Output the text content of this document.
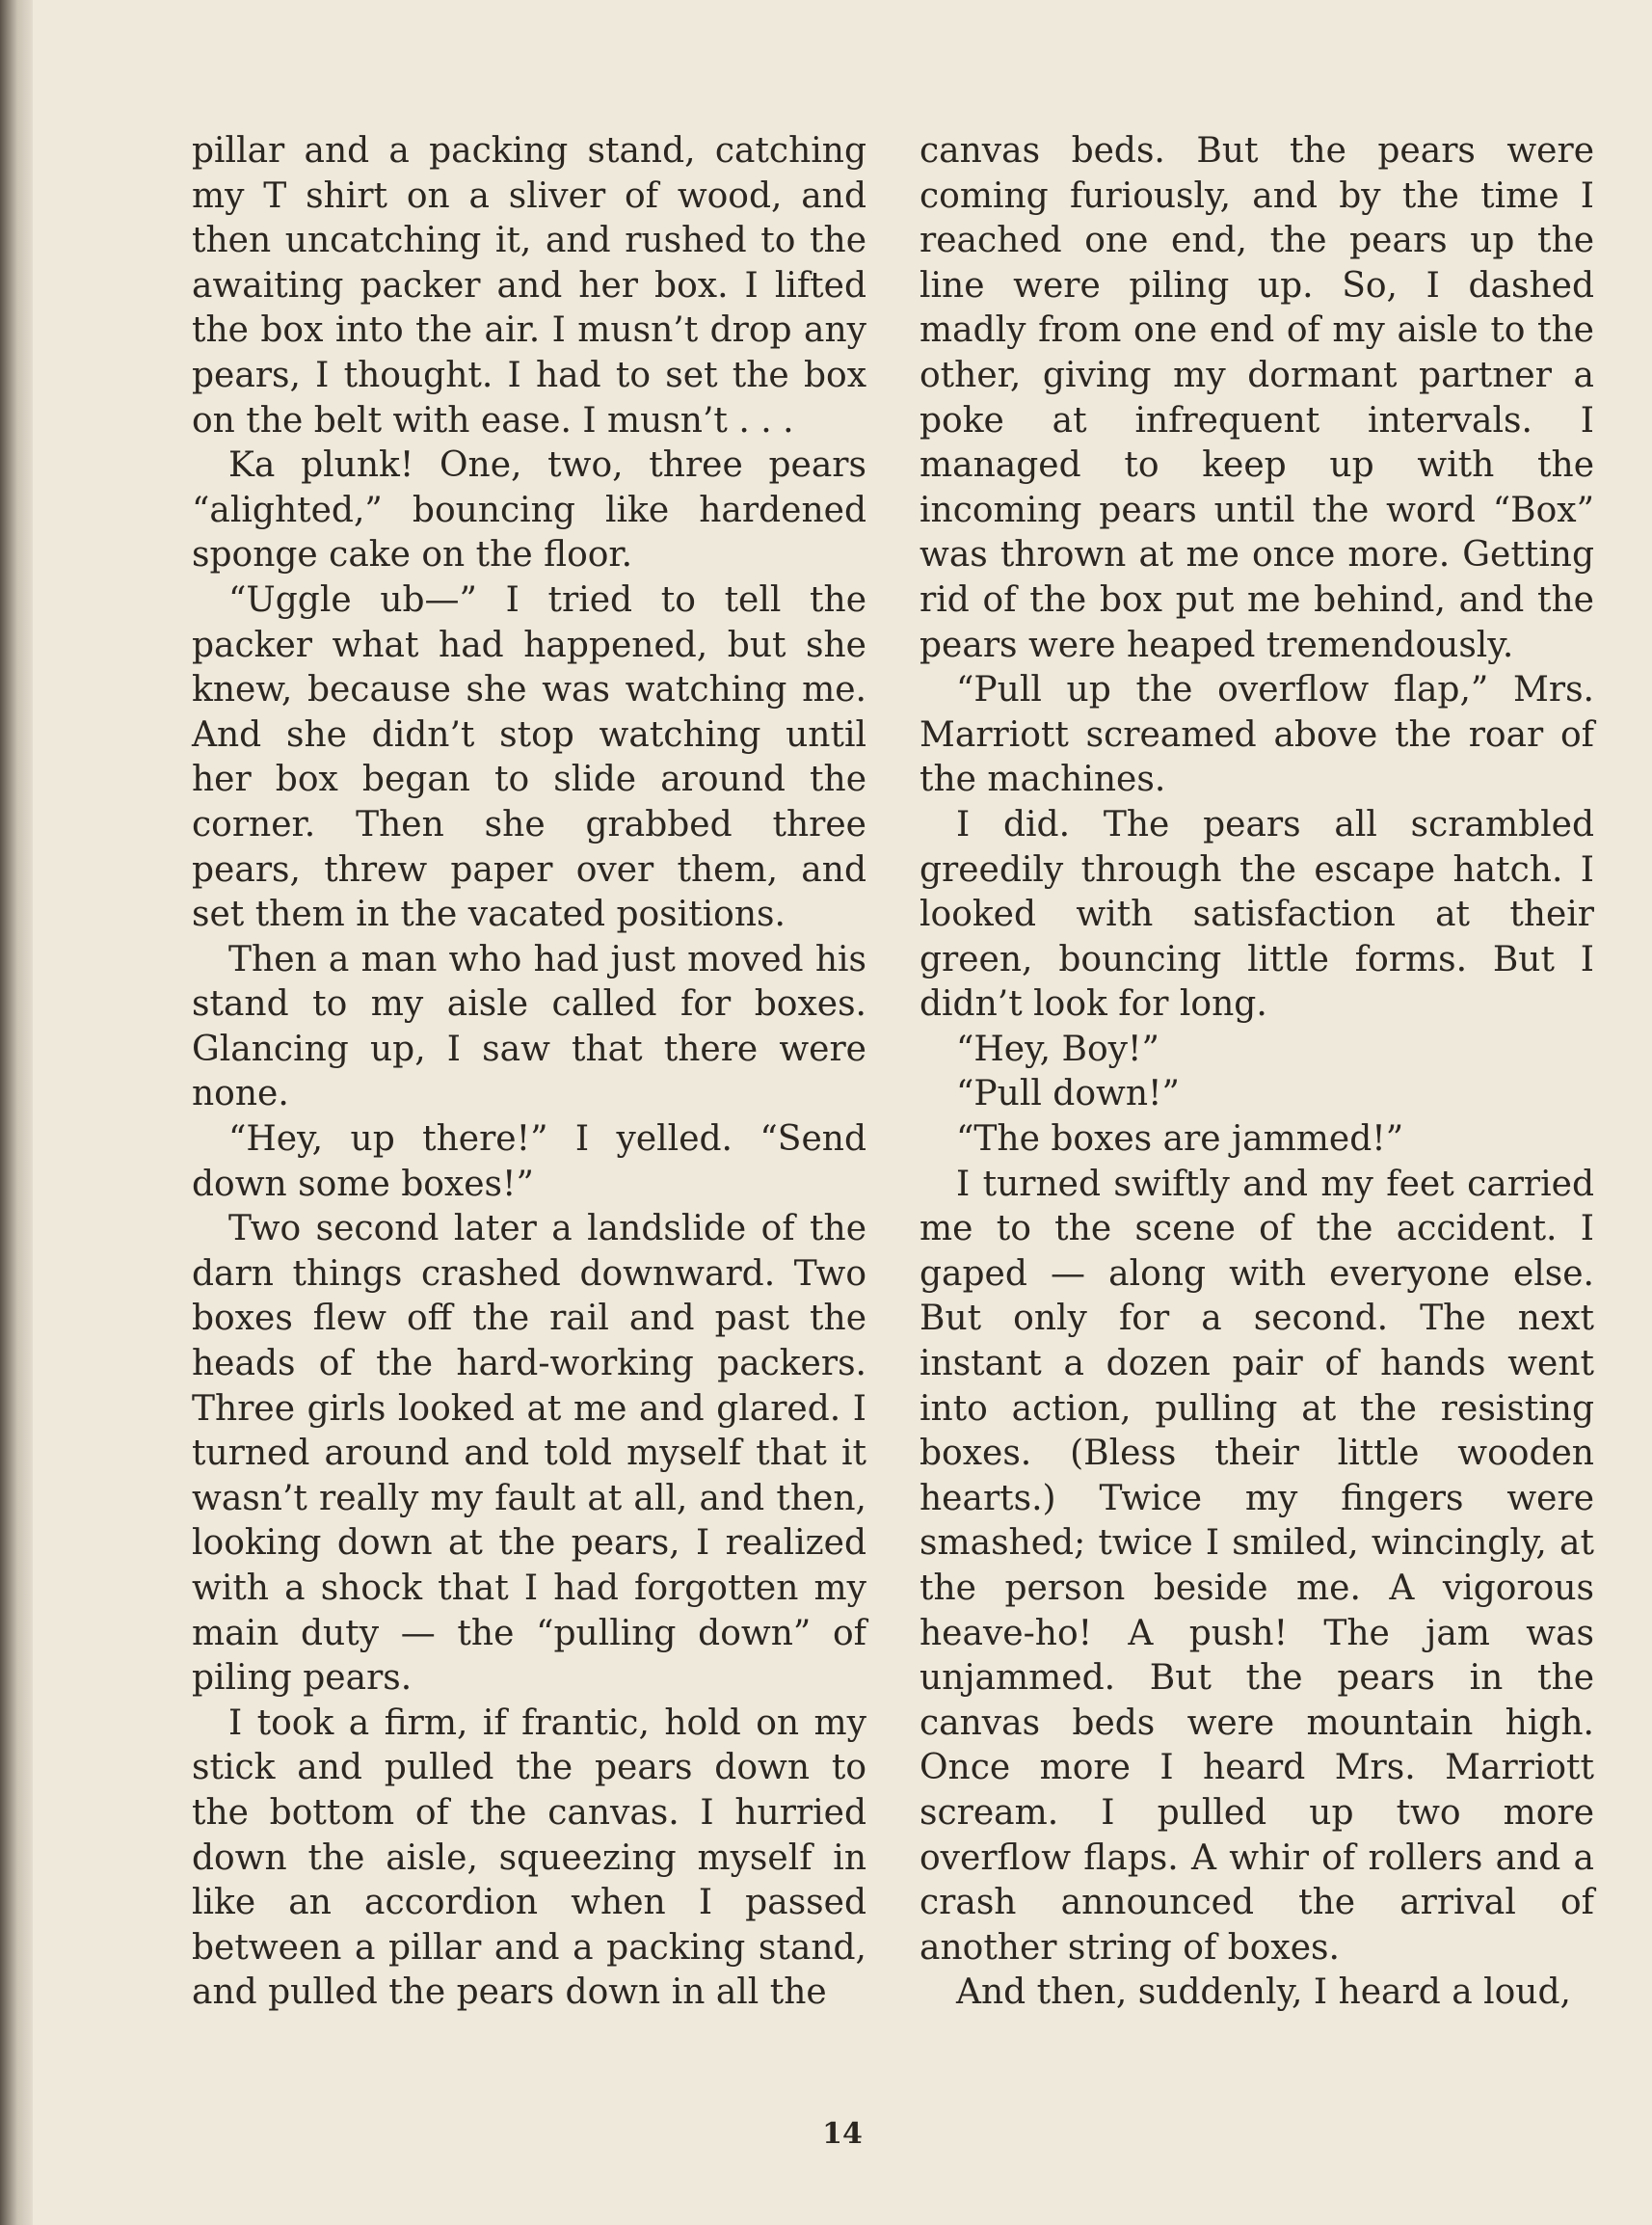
pillar and a packing stand, catching my T shirt on a sliver of wood, and then uncatching it, and rushed to the awaiting packer and her box. I lifted the box into the air. I musn’t drop any pears, I thought. I had to set the box on the belt with ease. I musn’t . . .

Ka plunk! One, two, three pears “alighted,” bouncing like hardened sponge cake on the floor.

“Uggle ub—” I tried to tell the packer what had happened, but she knew, because she was watching me. And she didn’t stop watching until her box began to slide around the corner. Then she grabbed three pears, threw paper over them, and set them in the vacated positions.

Then a man who had just moved his stand to my aisle called for boxes. Glancing up, I saw that there were none.

“Hey, up there!” I yelled. “Send down some boxes!”

Two second later a landslide of the darn things crashed downward. Two boxes flew off the rail and past the heads of the hard-working packers. Three girls looked at me and glared. I turned around and told myself that it wasn’t really my fault at all, and then, looking down at the pears, I realized with a shock that I had forgotten my main duty — the “pulling down” of piling pears.

I took a firm, if frantic, hold on my stick and pulled the pears down to the bottom of the canvas. I hurried down the aisle, squeezing myself in like an accordion when I passed between a pillar and a packing stand, and pulled the pears down in all the

canvas beds. But the pears were coming furiously, and by the time I reached one end, the pears up the line were piling up. So, I dashed madly from one end of my aisle to the other, giving my dormant partner a poke at infrequent intervals. I managed to keep up with the incoming pears until the word “Box” was thrown at me once more. Getting rid of the box put me behind, and the pears were heaped tremendously.

“Pull up the overflow flap,” Mrs. Marriott screamed above the roar of the machines.

I did. The pears all scrambled greedily through the escape hatch. I looked with satisfaction at their green, bouncing little forms. But I didn’t look for long.

“Hey, Boy!”

“Pull down!”

“The boxes are jammed!”

I turned swiftly and my feet carried me to the scene of the accident. I gaped — along with everyone else. But only for a second. The next instant a dozen pair of hands went into action, pulling at the resisting boxes. (Bless their little wooden hearts.) Twice my fingers were smashed; twice I smiled, wincingly, at the person beside me. A vigorous heave-ho! A push! The jam was unjammed. But the pears in the canvas beds were mountain high. Once more I heard Mrs. Marriott scream. I pulled up two more overflow flaps. A whir of rollers and a crash announced the arrival of another string of boxes.

And then, suddenly, I heard a loud,

14
